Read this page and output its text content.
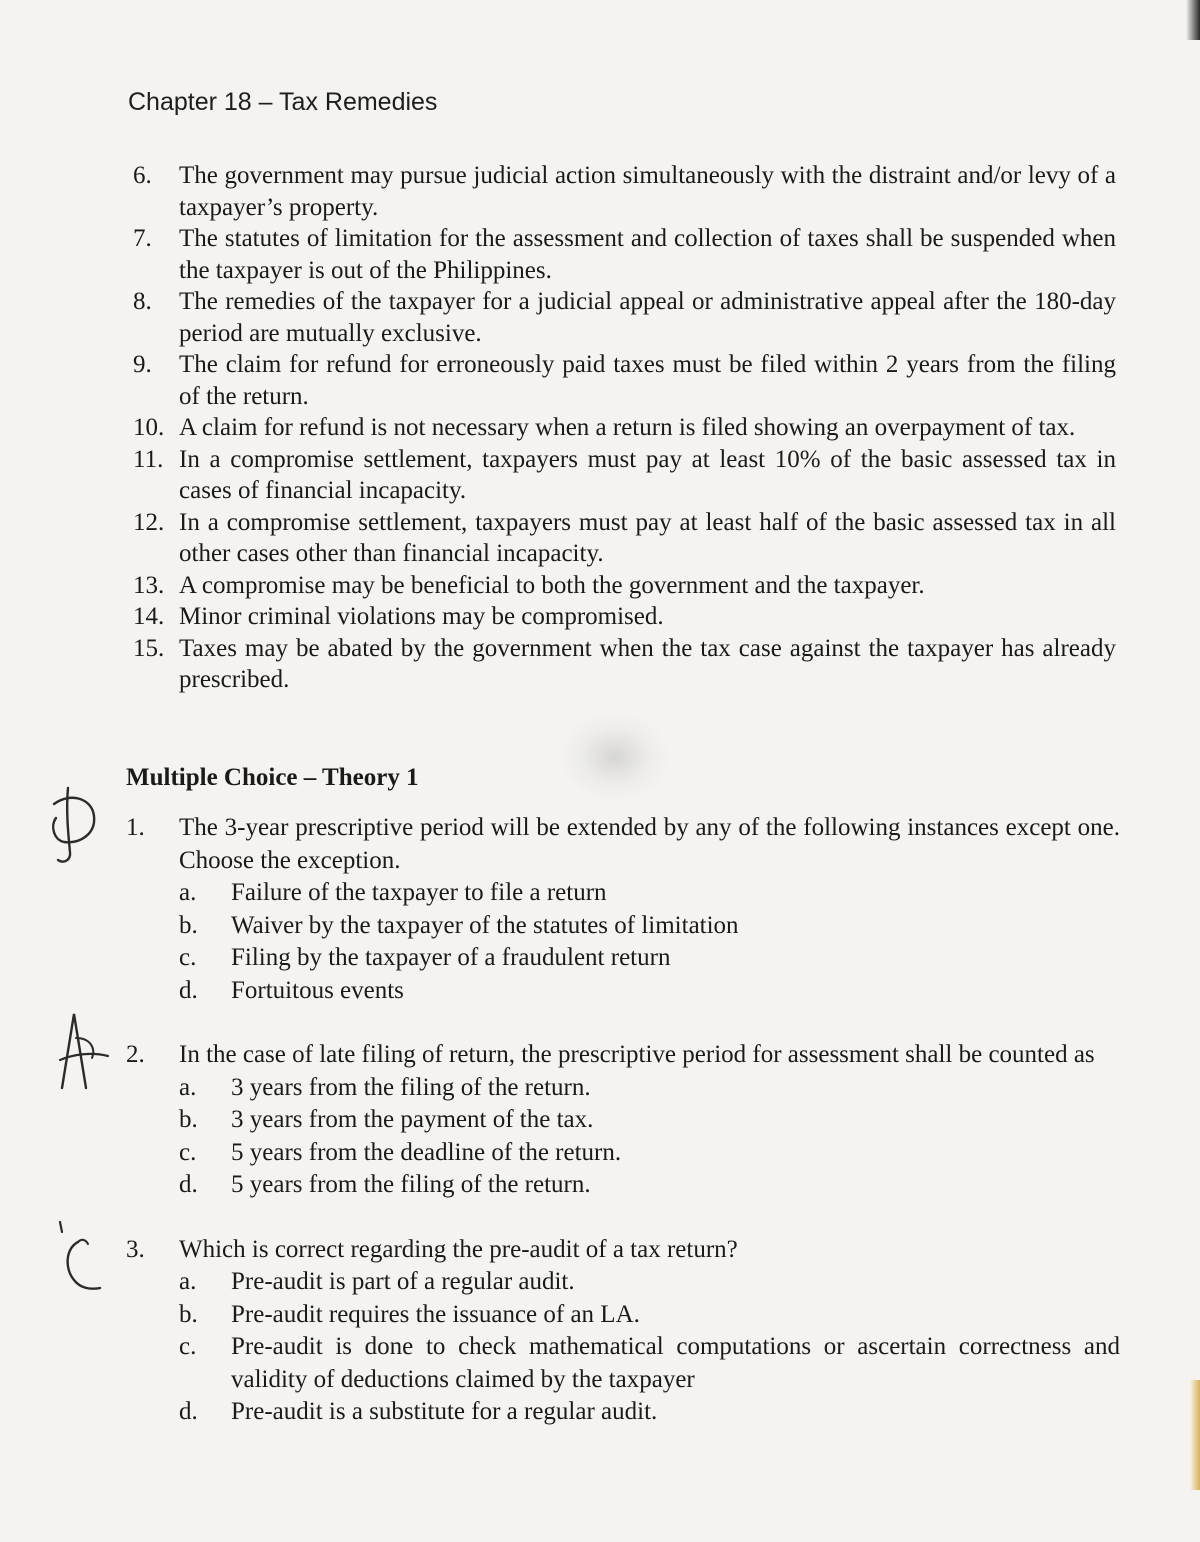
Chapter 18 – Tax Remedies
6.	The government may pursue judicial action simultaneously with the distraint and/or levy of a taxpayer’s property.
7.	The statutes of limitation for the assessment and collection of taxes shall be suspended when the taxpayer is out of the Philippines.
8.	The remedies of the taxpayer for a judicial appeal or administrative appeal after the 180-day period are mutually exclusive.
9.	The claim for refund for erroneously paid taxes must be filed within 2 years from the filing of the return.
10. A claim for refund is not necessary when a return is filed showing an overpayment of tax.
11. In a compromise settlement, taxpayers must pay at least 10% of the basic assessed tax in cases of financial incapacity.
12. In a compromise settlement, taxpayers must pay at least half of the basic assessed tax in all other cases other than financial incapacity.
13. A compromise may be beneficial to both the government and the taxpayer.
14. Minor criminal violations may be compromised.
15. Taxes may be abated by the government when the tax case against the taxpayer has already prescribed.
Multiple Choice – Theory 1
1.	The 3-year prescriptive period will be extended by any of the following instances except one. Choose the exception.
a.	Failure of the taxpayer to file a return
b.	Waiver by the taxpayer of the statutes of limitation
c.	Filing by the taxpayer of a fraudulent return
d.	Fortuitous events
2.	In the case of late filing of return, the prescriptive period for assessment shall be counted as
a.	3 years from the filing of the return.
b.	3 years from the payment of the tax.
c.	5 years from the deadline of the return.
d.	5 years from the filing of the return.
3.	Which is correct regarding the pre-audit of a tax return?
a.	Pre-audit is part of a regular audit.
b.	Pre-audit requires the issuance of an LA.
c.	Pre-audit is done to check mathematical computations or ascertain correctness and validity of deductions claimed by the taxpayer
d.	Pre-audit is a substitute for a regular audit.
